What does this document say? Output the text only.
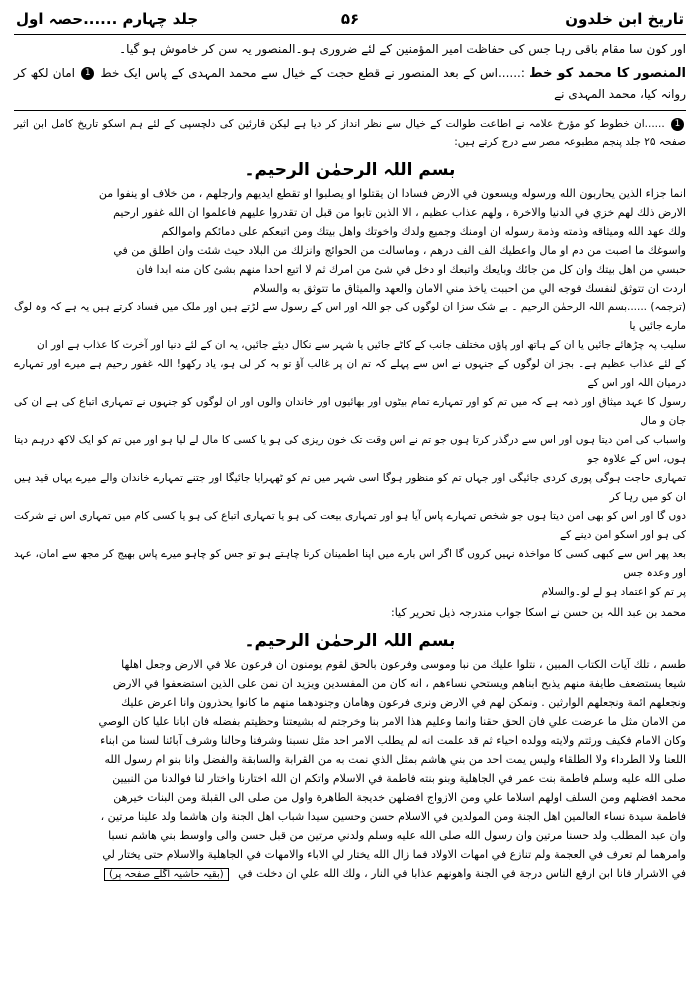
تاریخ ابن خلدون
۵۶
جلد چہارم ......حصہ اول

اور کون سا مقام باقی رہا جس کی حفاظت امیر المؤمنین کے لئے ضروری ہو۔المنصور یہ سن کر خاموش ہو گیا۔

المنصور کا محمد کو خط :......اس کے بعد المنصور نے قطع حجت کے خیال سے محمد المہدی کے پاس ایک خط 1 امان لکھ کر روانہ کیا، محمد المہدی نے

1 ......ان خطوط کو مؤرخ علامہ نے اطاعت طوالت کے خیال سے نظر انداز کر دیا ہے لیکن قارئین کی دلچسپی کے لئے ہم اسکو تاریخ کامل ابن اثیر صفحہ ۲۵ جلد پنجم مطبوعہ مصر سے درج کرتے ہیں:

بسم اللہ الرحمٰن الرحیم۔

انما جزاء الذين يحاربون الله ورسوله ويسعون في الارض فسادا ان يقتلوا او يصلبوا او تقطع ايديهم وارجلهم ، من خلاف او ينفوا من

الارض ذلك لهم خزي في الدنيا والاخرة ، ولهم عذاب عظيم ، الا الذين تابوا من قبل ان تقدروا عليهم فاعلموا ان الله غفور ارحيم

ولك عهد الله وميثاقه وذمته وذمة رسوله ان اومنك وجميع ولدك واخوتك واهل بيتك ومن اتبعكم على دمائكم واموالكم

واسوغك ما اصبت من دم او مال واعطيك الف الف درهم ، وماسالت من الحوائج وانزلك من البلاد حيث شئت وان اطلق من في

حبسي من اهل بيتك وان كل من جائك وبايعك واتبعك او دخل في شئ من امرك ثم لا اتبع احدا منهم بشئ كان منه ابدا فان

اردت ان تتوثق لنفسك فوجه الي من احببت ياخذ مني الامان والعهد والميثاق ما تتوثق به والسلام

(ترجمہ) ......بسم اللہ الرحمٰن الرحیم ۔ بے شک سزا ان لوگوں کی جو اللہ اور اس کے رسول سے لڑتے ہیں اور ملک میں فساد کرتے ہیں یہ ہے کہ وہ لوگ مارے جائیں یا

سلیب پہ چڑھائے جائیں یا ان کے ہاتھ اور پاؤں مختلف جانب کے کاٹے جائیں یا شہر سے نکال دیئے جائیں، یہ ان کے لئے دنیا اور آخرت کا عذاب ہے اور ان

کے لئے عذاب عظیم ہے۔ بجز ان لوگوں کے جنہوں نے اس سے پہلے کہ تم ان پر غالب آؤ تو بہ کر لی ہو، یاد رکھو! اللہ غفور رحیم ہے میرے اور تمہارے درمیان اللہ اور اس کے

رسول کا عہد میثاق اور ذمہ ہے کہ میں تم کو اور تمہارے تمام بیٹوں اور بھائیوں اور خاندان والوں اور ان لوگوں کو جنہوں نے تمہاری اتباع کی ہے ان کی جان و مال

واسباب کی امن دیتا ہوں اور اس سے درگذر کرتا ہوں جو تم نے اس وقت تک خون ریزی کی ہو یا کسی کا مال لے لیا ہو اور میں تم کو ایک لاکھ درہم دیتا ہوں، اس کے علاوہ جو

تمہاری حاجت ہوگی پوری کردی جائیگی اور جہاں تم کو منظور ہوگا اسی شہر میں تم کو ٹھہرایا جائیگا اور جتنے تمہارے خاندان والے میرے یہاں قید ہیں ان کو میں رہا کر

دوں گا اور اس کو بھی امن دیتا ہوں جو شخص تمہارے پاس آیا ہو اور تمہاری بیعت کی ہو یا تمہاری اتباع کی ہو یا کسی کام میں تمہاری اس نے شرکت کی ہو اور اسکو امن دینے کے

بعد پھر اس سے کبھی کسی کا مواخذہ نہیں کروں گا اگر اس بارے میں اپنا اطمینان کرنا چاہتے ہو تو جس کو چاہو میرے پاس بھیج کر مجھ سے امان، عہد اور وعدہ جس

پر تم کو اعتماد ہو لے لو۔والسلام

محمد بن عبد اللہ بن حسن نے اسکا جواب مندرجہ ذیل تحریر کیا:

بسم اللہ الرحمٰن الرحیم۔

طسم ، تلك آيات الكتاب المبين ، نتلوا عليك من نبا وموسى وفرعون بالحق لقوم يومنون ان فرعون علا في الارض وجعل اهلها

شيعا يستضعف طايفة منهم يذبح ابناهم ويستحي نساءهم ، انه كان من المفسدين ويزيد ان نمن على الذين استضعفوا في الارض

ونجعلهم ائمة ونجعلهم الوارثين . ونمكن لهم في الارض ونرى فرعون وهامان وجنودهما منهم ما كانوا يحذرون وانا اعرض عليك

من الامان مثل ما عرضت علي فان الحق حقنا وانما وعليم هذا الامر بنا وخرجتم له بشيعتنا وحظيتم بفضله فان ابانا عليا كان الوصي

وكان الامام فكيف ورثتم ولايته وولده احياء ثم قد علمت انه لم يطلب الامر احد مثل نسبنا وشرفنا وحالنا وشرف آبائنا لسنا من ابناء

اللعنا ولا الطرداء ولا الطلقاء وليس يمت احد من بني هاشم بمثل الذي نمت به من القرابة والسابقة والفضل وانا بنو ام رسول الله

صلى الله عليه وسلم فاطمة بنت عمر في الجاهلية وبنو بنته فاطمة في الاسلام واتكم ان الله اختارنا واختار لنا فوالدنا من النبيين

محمد افضلهم ومن السلف اولهم اسلاما علي ومن الازواج افضلهن خديجة الطاهرة واول من صلى الى القبلة ومن البنات خيرهن

فاطمة سيدة نساء العالمين اهل الجنة ومن المولدين في الاسلام حسن وحسين سيدا شباب اهل الجنة وان هاشما ولد علينا مرتين ،

وان عبد المطلب ولد حسنا مرتين وان رسول الله صلى الله عليه وسلم ولدني مرتين من قبل حسن والى واوسط بني هاشم نسبا

وامرهما لم تعرف في العجمة ولم تنازع في امهات الاولاد فما زال الله يختار لي الاباء والامهات في الجاهلية والاسلام حتى يختار لي

في الاشرار فانا ابن ارفع الناس درجة في الجنة واهونهم عذابا في النار ، ولك الله علي ان دخلت في (بقیہ حاشیہ اگلے صفحہ پر)
